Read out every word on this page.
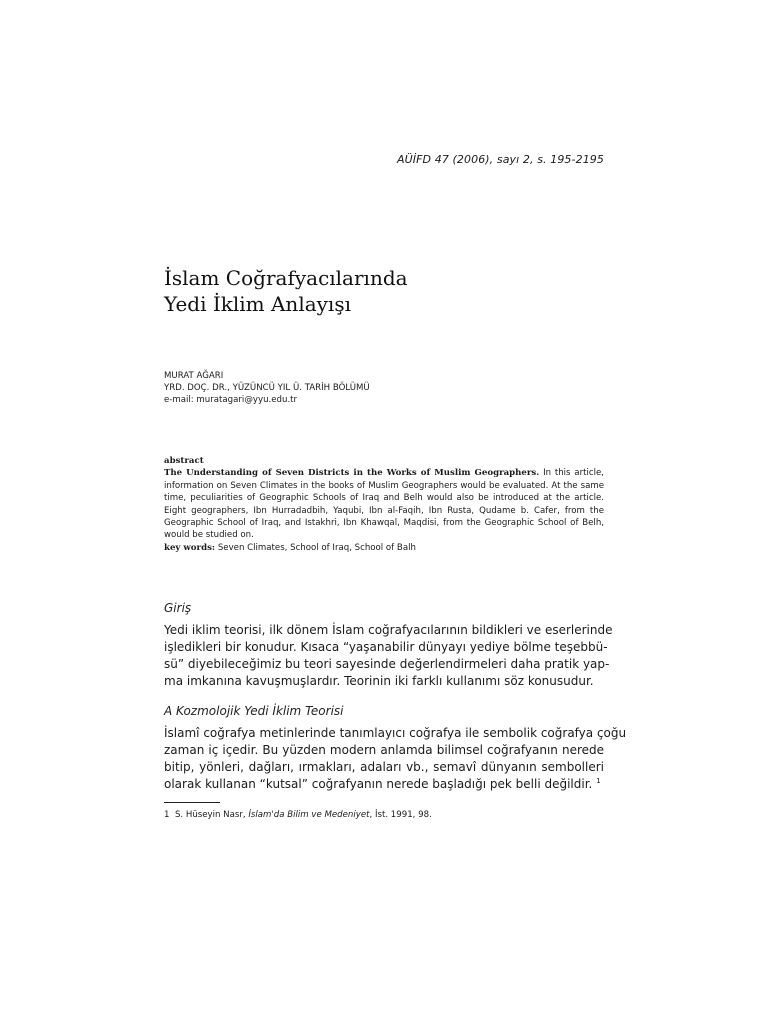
AÜİFD 47 (2006), sayı 2, s. 195-2195
İslam Coğrafyacılarında
Yedi İklim Anlayışı
MURAT AĞARI
YRD. DOÇ. DR., YÜZÜNCÜ YIL Ü. TARİH BÖLÜMÜ
e-mail: muratagari@yyu.edu.tr
abstract
The Understanding of Seven Districts in the Works of Muslim Geographers. In this article, information on Seven Climates in the books of Muslim Geographers would be evaluated. At the same time, peculiarities of Geographic Schools of Iraq and Belh would also be introduced at the article. Eight geographers, Ibn Hurradadbih, Yaqubi, Ibn al-Faqih, Ibn Rusta, Qudame b. Cafer, from the Geographic School of Iraq, and Istakhri, Ibn Khawqal, Maqdisi, from the Geographic School of Belh, would be studied on.
key words: Seven Climates, School of Iraq, School of Balh
Giriş
Yedi iklim teorisi, ilk dönem İslam coğrafyacılarının bildikleri ve eserlerinde
işledikleri bir konudur. Kısaca “yaşanabilir dünyayı yediye bölme teşebbü-
sü” diyebileceğimiz bu teori sayesinde değerlendirmeleri daha pratik yap-
ma imkanına kavuşmuşlardır. Teorinin iki farklı kullanımı söz konusudur.
A Kozmolojik Yedi İklim Teorisi
İslamî coğrafya metinlerinde tanımlayıcı coğrafya ile sembolik coğrafya çoğu
zaman iç içedir. Bu yüzden modern anlamda bilimsel coğrafyanın nerede
bitip, yönleri, dağları, ırmakları, adaları vb., semavî dünyanın sembolleri
olarak kullanan “kutsal” coğrafyanın nerede başladığı pek belli değildir. $^1$
1 S. Hüseyin Nasr, İslam'da Bilim ve Medeniyet, İst. 1991, 98.
